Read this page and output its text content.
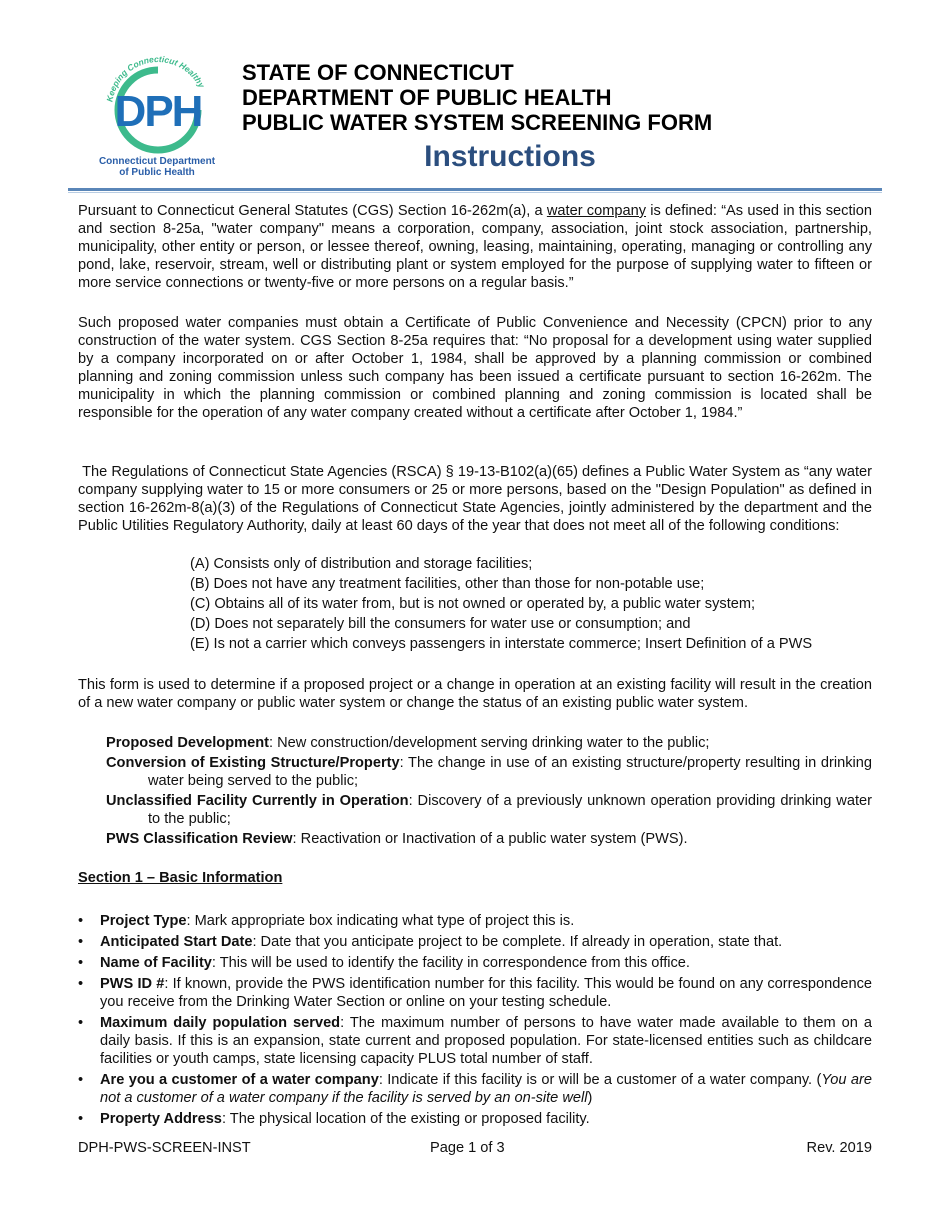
Keeping Connecticut Healthy
DPH
Connecticut Department
of Public Health
STATE OF CONNECTICUT
DEPARTMENT OF PUBLIC HEALTH
PUBLIC WATER SYSTEM SCREENING FORM
Instructions
Pursuant to Connecticut General Statutes (CGS) Section 16-262m(a), a water company is defined: “As used in this section and section 8-25a, "water company" means a corporation, company, association, joint stock association, partnership, municipality, other entity or person, or lessee thereof, owning, leasing, maintaining, operating, managing or controlling any pond, lake, reservoir, stream, well or distributing plant or system employed for the purpose of supplying water to fifteen or more service connections or twenty-five or more persons on a regular basis.”
Such proposed water companies must obtain a Certificate of Public Convenience and Necessity (CPCN) prior to any construction of the water system. CGS Section 8-25a requires that: “No proposal for a development using water supplied by a company incorporated on or after October 1, 1984, shall be approved by a planning commission or combined planning and zoning commission unless such company has been issued a certificate pursuant to section 16-262m. The municipality in which the planning commission or combined planning and zoning commission is located shall be responsible for the operation of any water company created without a certificate after October 1, 1984.”
The Regulations of Connecticut State Agencies (RSCA) § 19-13-B102(a)(65) defines a Public Water System as “any water company supplying water to 15 or more consumers or 25 or more persons, based on the "Design Population" as defined in section 16-262m-8(a)(3) of the Regulations of Connecticut State Agencies, jointly administered by the department and the Public Utilities Regulatory Authority, daily at least 60 days of the year that does not meet all of the following conditions:
(A) Consists only of distribution and storage facilities;
(B) Does not have any treatment facilities, other than those for non-potable use;
(C) Obtains all of its water from, but is not owned or operated by, a public water system;
(D) Does not separately bill the consumers for water use or consumption; and
(E) Is not a carrier which conveys passengers in interstate commerce; Insert Definition of a PWS
This form is used to determine if a proposed project or a change in operation at an existing facility will result in the creation of a new water company or public water system or change the status of an existing public water system.
Proposed Development: New construction/development serving drinking water to the public;
Conversion of Existing Structure/Property: The change in use of an existing structure/property resulting in drinking water being served to the public;
Unclassified Facility Currently in Operation: Discovery of a previously unknown operation providing drinking water to the public;
PWS Classification Review: Reactivation or Inactivation of a public water system (PWS).
Section 1 – Basic Information
•	Project Type: Mark appropriate box indicating what type of project this is.
•	Anticipated Start Date: Date that you anticipate project to be complete. If already in operation, state that.
•	Name of Facility: This will be used to identify the facility in correspondence from this office.
•	PWS ID #: If known, provide the PWS identification number for this facility. This would be found on any correspondence you receive from the Drinking Water Section or online on your testing schedule.
•	Maximum daily population served: The maximum number of persons to have water made available to them on a daily basis. If this is an expansion, state current and proposed population. For state-licensed entities such as childcare facilities or youth camps, state licensing capacity PLUS total number of staff.
•	Are you a customer of a water company: Indicate if this facility is or will be a customer of a water company. (You are not a customer of a water company if the facility is served by an on-site well)
•	Property Address: The physical location of the existing or proposed facility.
DPH-PWS-SCREEN-INST	Page 1 of 3	Rev. 2019
